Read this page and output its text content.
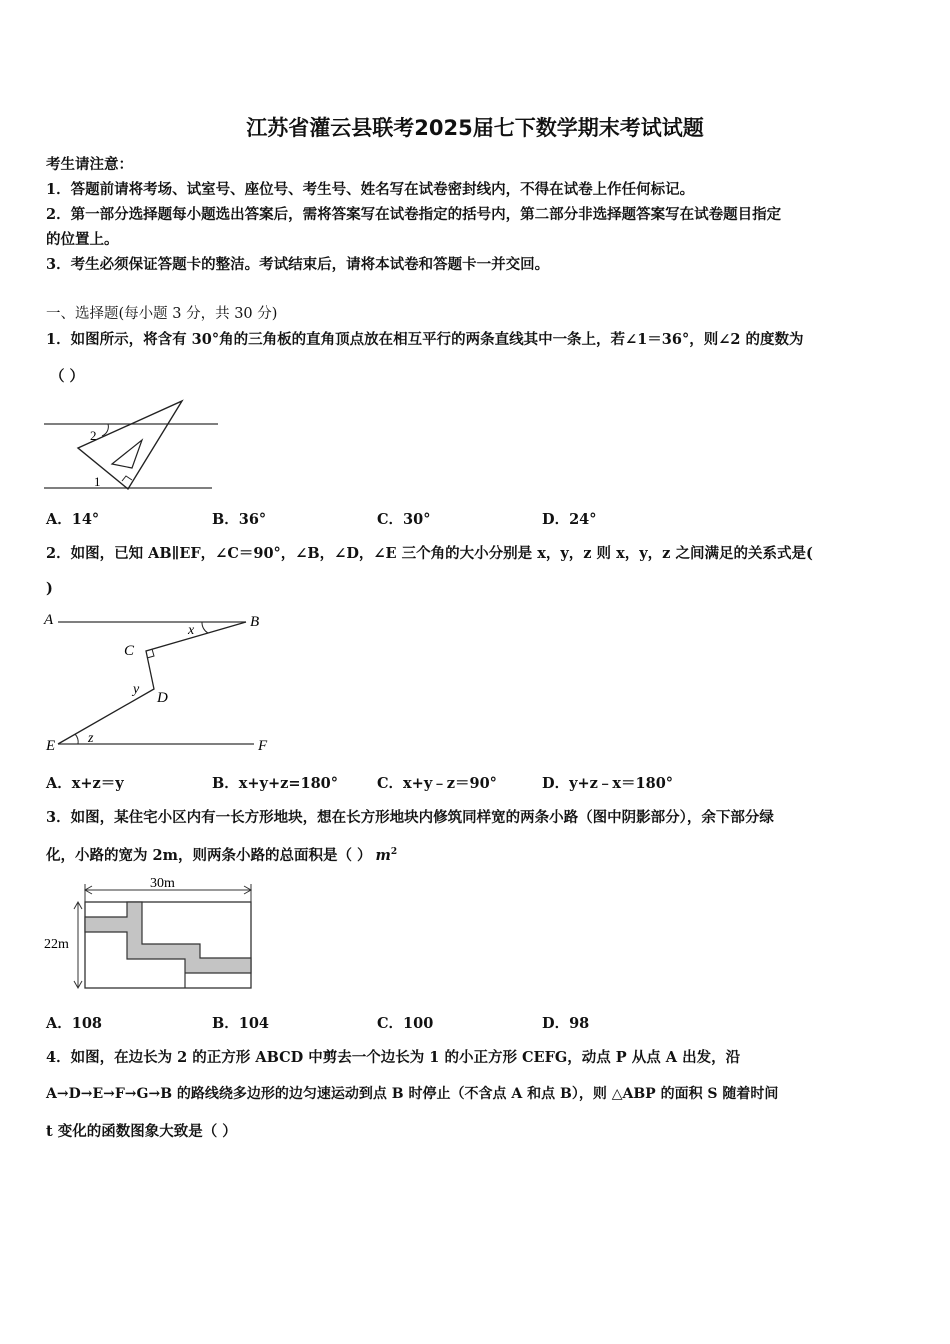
江苏省灌云县联考2025届七下数学期末考试试题
考生请注意：
1．答题前请将考场、试室号、座位号、考生号、姓名写在试卷密封线内，不得在试卷上作任何标记。
2．第一部分选择题每小题选出答案后，需将答案写在试卷指定的括号内，第二部分非选择题答案写在试卷题目指定
的位置上。
3．考生必须保证答题卡的整洁。考试结束后，请将本试卷和答题卡一并交回。
一、选择题(每小题 3 分，共 30 分)
1．如图所示，将含有 30°角的三角板的直角顶点放在相互平行的两条直线其中一条上，若∠1＝36°，则∠2 的度数为
（ ）
2
1
A．14°	B．36°	C．30°	D．24°
2．如图，已知 AB∥EF，∠C＝90°，∠B，∠D，∠E 三个角的大小分别是 x，y，z 则 x，y，z 之间满足的关系式是(
)
A	B
C
D
E	F
x
y
z
A．x+z＝y	B．x+y+z=180°	C．x+y﹣z＝90°	D．y+z﹣x＝180°
3．如图，某住宅小区内有一长方形地块，想在长方形地块内修筑同样宽的两条小路（图中阴影部分），余下部分绿
化，小路的宽为 2m，则两条小路的总面积是（ ） $m^2$
30m
22m
A．108	B．104	C．100	D．98
4．如图，在边长为 2 的正方形 ABCD 中剪去一个边长为 1 的小正方形 CEFG，动点 P 从点 A 出发，沿
A→D→E→F→G→B 的路线绕多边形的边匀速运动到点 B 时停止（不含点 A 和点 B），则 △ABP 的面积 S 随着时间
t 变化的函数图象大致是（ ）
